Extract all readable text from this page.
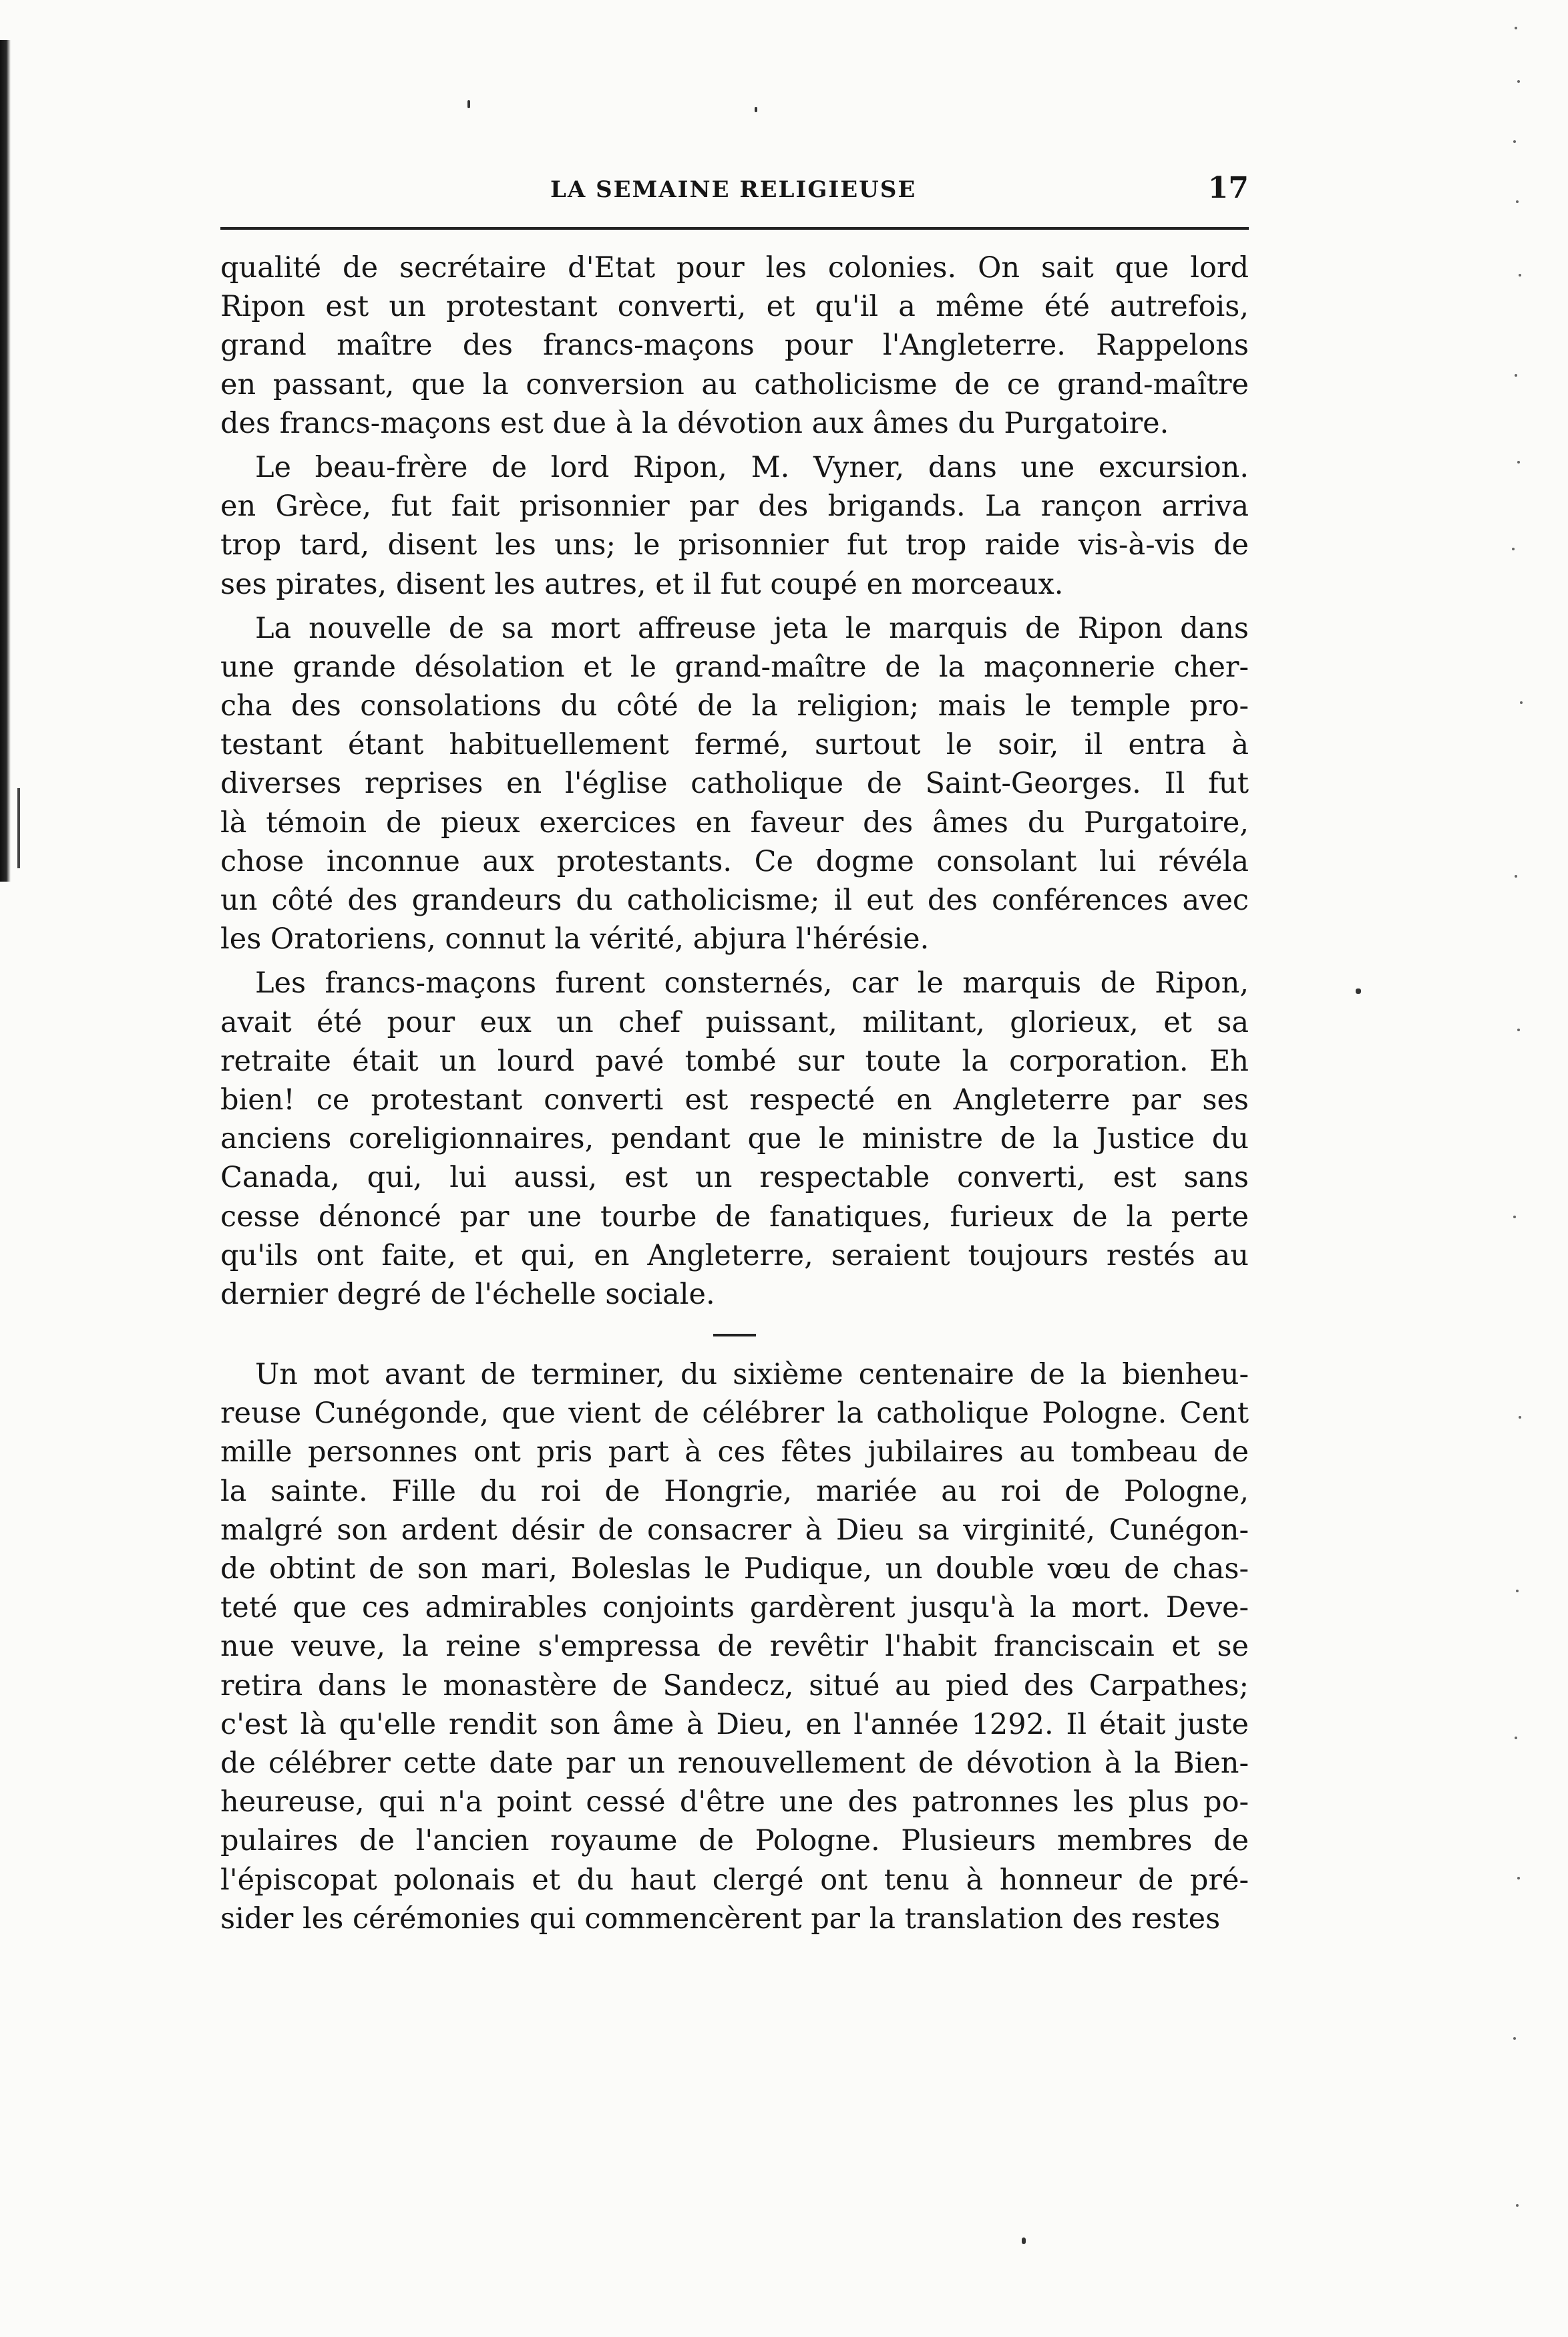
LA SEMAINE RELIGIEUSE	17
qualité de secrétaire d'Etat pour les colonies. On sait que lord
Ripon est un protestant converti, et qu'il a même été autrefois,
grand maître des francs-maçons pour l'Angleterre. Rappelons
en passant, que la conversion au catholicisme de ce grand-maître
des francs-maçons est due à la dévotion aux âmes du Purgatoire.
Le beau-frère de lord Ripon, M. Vyner, dans une excursion.
en Grèce, fut fait prisonnier par des brigands. La rançon arriva
trop tard, disent les uns; le prisonnier fut trop raide vis-à-vis de
ses pirates, disent les autres, et il fut coupé en morceaux.
La nouvelle de sa mort affreuse jeta le marquis de Ripon dans
une grande désolation et le grand-maître de la maçonnerie cher-
cha des consolations du côté de la religion; mais le temple pro-
testant étant habituellement fermé, surtout le soir, il entra à
diverses reprises en l'église catholique de Saint-Georges. Il fut
là témoin de pieux exercices en faveur des âmes du Purgatoire,
chose inconnue aux protestants. Ce dogme consolant lui révéla
un côté des grandeurs du catholicisme; il eut des conférences avec
les Oratoriens, connut la vérité, abjura l'hérésie.
Les francs-maçons furent consternés, car le marquis de Ripon,
avait été pour eux un chef puissant, militant, glorieux, et sa
retraite était un lourd pavé tombé sur toute la corporation. Eh
bien! ce protestant converti est respecté en Angleterre par ses
anciens coreligionnaires, pendant que le ministre de la Justice du
Canada, qui, lui aussi, est un respectable converti, est sans
cesse dénoncé par une tourbe de fanatiques, furieux de la perte
qu'ils ont faite, et qui, en Angleterre, seraient toujours restés au
dernier degré de l'échelle sociale.
Un mot avant de terminer, du sixième centenaire de la bienheu-
reuse Cunégonde, que vient de célébrer la catholique Pologne. Cent
mille personnes ont pris part à ces fêtes jubilaires au tombeau de
la sainte. Fille du roi de Hongrie, mariée au roi de Pologne,
malgré son ardent désir de consacrer à Dieu sa virginité, Cunégon-
de obtint de son mari, Boleslas le Pudique, un double vœu de chas-
teté que ces admirables conjoints gardèrent jusqu'à la mort. Deve-
nue veuve, la reine s'empressa de revêtir l'habit franciscain et se
retira dans le monastère de Sandecz, situé au pied des Carpathes;
c'est là qu'elle rendit son âme à Dieu, en l'année 1292. Il était juste
de célébrer cette date par un renouvellement de dévotion à la Bien-
heureuse, qui n'a point cessé d'être une des patronnes les plus po-
pulaires de l'ancien royaume de Pologne. Plusieurs membres de
l'épiscopat polonais et du haut clergé ont tenu à honneur de pré-
sider les cérémonies qui commencèrent par la translation des restes
